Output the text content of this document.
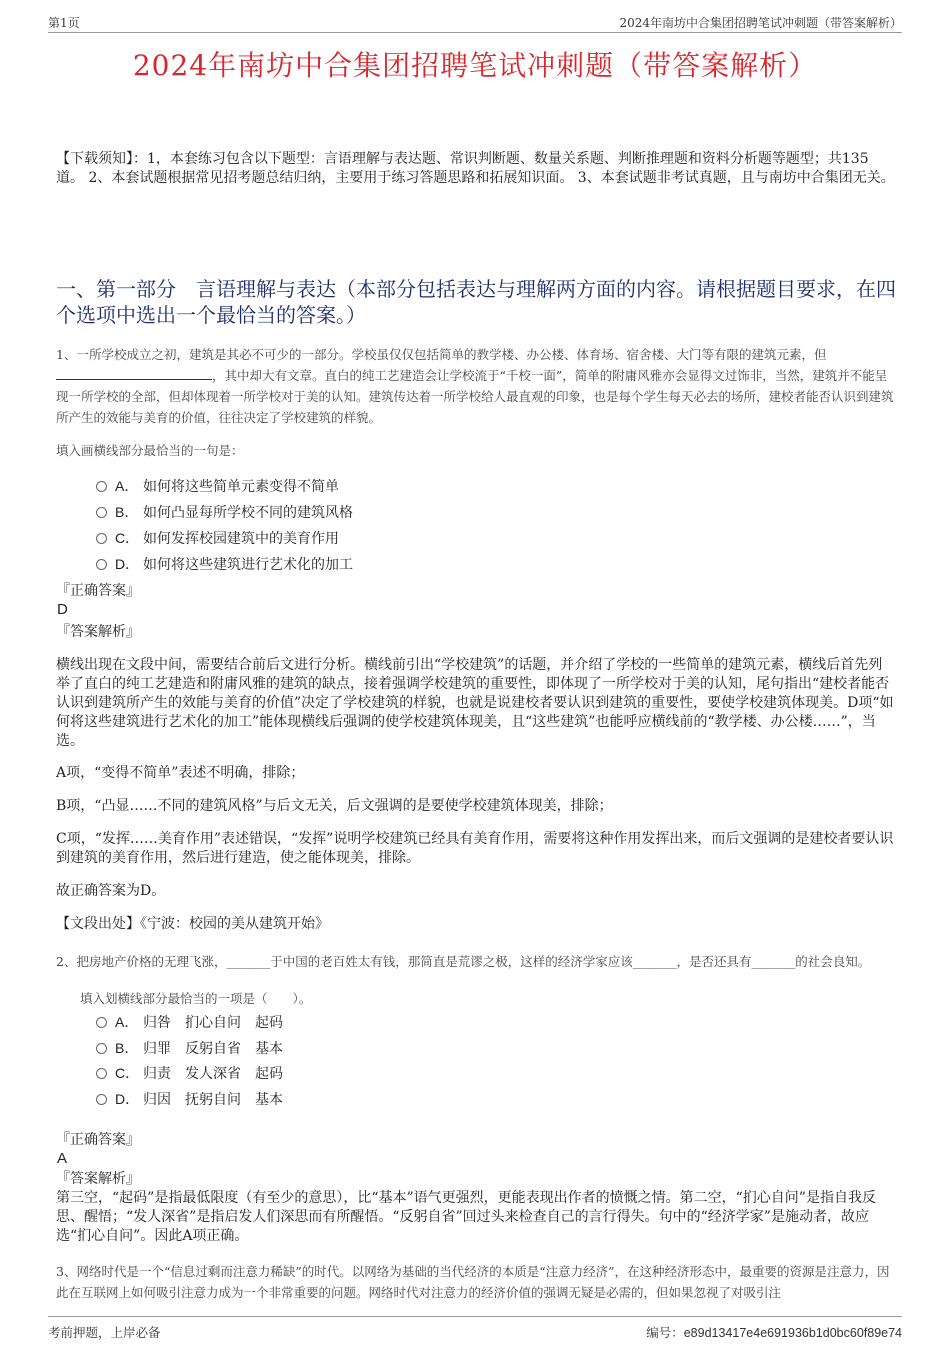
第1页	2024年南坊中合集团招聘笔试冲刺题（带答案解析）
2024年南坊中合集团招聘笔试冲刺题（带答案解析）
【下载须知】：1，本套练习包含以下题型：言语理解与表达题、常识判断题、数量关系题、判断推理题和资料分析题等题型；共135道。 2、本套试题根据常见招考题总结归纳，主要用于练习答题思路和拓展知识面。 3、本套试题非考试真题，且与南坊中合集团无关。
一、第一部分　言语理解与表达（本部分包括表达与理解两方面的内容。请根据题目要求，在四个选项中选出一个最恰当的答案。）
1、一所学校成立之初，建筑是其必不可少的一部分。学校虽仅仅包括简单的教学楼、办公楼、体育场、宿舍楼、大门等有限的建筑元素，但，其中却大有文章。直白的纯工艺建造会让学校流于“千校一面”，简单的附庸风雅亦会显得文过饰非，当然，建筑并不能呈现一所学校的全部，但却体现着一所学校对于美的认知。建筑传达着一所学校给人最直观的印象，也是每个学生每天必去的场所，建校者能否认识到建筑所产生的效能与美育的价值，往往决定了学校建筑的样貌。
填入画横线部分最恰当的一句是：
A． 如何将这些简单元素变得不简单
B． 如何凸显每所学校不同的建筑风格
C． 如何发挥校园建筑中的美育作用
D． 如何将这些建筑进行艺术化的加工
『正确答案』
D
『答案解析』
横线出现在文段中间，需要结合前后文进行分析。横线前引出“学校建筑”的话题，并介绍了学校的一些简单的建筑元素，横线后首先列举了直白的纯工艺建造和附庸风雅的建筑的缺点，接着强调学校建筑的重要性，即体现了一所学校对于美的认知，尾句指出“建校者能否认识到建筑所产生的效能与美育的价值”决定了学校建筑的样貌，也就是说建校者要认识到建筑的重要性，要使学校建筑体现美。D项“如何将这些建筑进行艺术化的加工”能体现横线后强调的使学校建筑体现美，且“这些建筑”也能呼应横线前的“教学楼、办公楼……”，当选。
A项，“变得不简单”表述不明确，排除；
B项，“凸显……不同的建筑风格”与后文无关，后文强调的是要使学校建筑体现美，排除；
C项，“发挥……美育作用”表述错误，“发挥”说明学校建筑已经具有美育作用，需要将这种作用发挥出来，而后文强调的是建校者要认识到建筑的美育作用，然后进行建造，使之能体现美，排除。
故正确答案为D。
【文段出处】《宁波：校园的美从建筑开始》
2、把房地产价格的无理飞涨，_______于中国的老百姓太有钱，那简直是荒谬之极，这样的经济学家应该_______，是否还具有_______的社会良知。
填入划横线部分最恰当的一项是（　　）。
A． 归咎　扪心自问　起码
B． 归罪　反躬自省　基本
C． 归责　发人深省　起码
D． 归因　抚躬自问　基本
『正确答案』
A
『答案解析』
第三空，“起码”是指最低限度（有至少的意思），比“基本”语气更强烈，更能表现出作者的愤慨之情。第二空，“扪心自问”是指自我反思、醒悟；“发人深省”是指启发人们深思而有所醒悟。“反躬自省”回过头来检查自己的言行得失。句中的“经济学家”是施动者，故应选“扪心自问”。因此A项正确。
3、网络时代是一个“信息过剩而注意力稀缺”的时代。以网络为基础的当代经济的本质是“注意力经济”，在这种经济形态中，最重要的资源是注意力，因此在互联网上如何吸引注意力成为一个非常重要的问题。网络时代对注意力的经济价值的强调无疑是必需的，但如果忽视了对吸引注
考前押题，上岸必备	编号：e89d13417e4e691936b1d0bc60f89e74
